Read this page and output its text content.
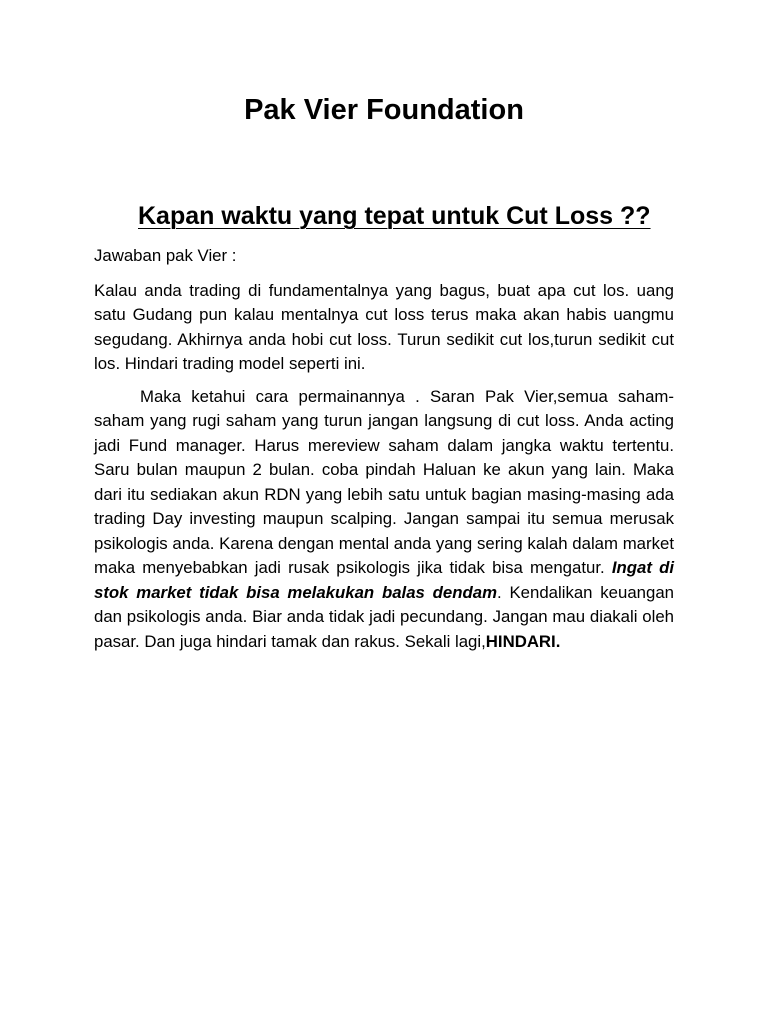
Pak Vier Foundation
Kapan waktu yang tepat untuk Cut Loss ??

Jawaban pak Vier :

Kalau anda trading di fundamentalnya yang bagus, buat apa cut los. uang satu Gudang pun kalau mentalnya cut loss terus maka akan habis uangmu segudang. Akhirnya anda hobi cut loss. Turun sedikit cut los,turun sedikit cut los. Hindari trading model seperti ini.

Maka ketahui cara permainannya . Saran Pak Vier,semua saham-saham yang rugi saham yang turun jangan langsung di cut loss. Anda acting jadi Fund manager. Harus mereview saham dalam jangka waktu tertentu. Saru bulan maupun 2 bulan. coba pindah Haluan ke akun yang lain. Maka dari itu sediakan akun RDN yang lebih satu untuk bagian masing-masing ada trading Day investing maupun scalping. Jangan sampai itu semua merusak psikologis anda. Karena dengan mental anda yang sering kalah dalam market maka menyebabkan jadi rusak psikologis jika tidak bisa mengatur. Ingat di stok market tidak bisa melakukan balas dendam. Kendalikan keuangan dan psikologis anda. Biar anda tidak jadi pecundang. Jangan mau diakali oleh pasar. Dan juga hindari tamak dan rakus. Sekali lagi,HINDARI.
